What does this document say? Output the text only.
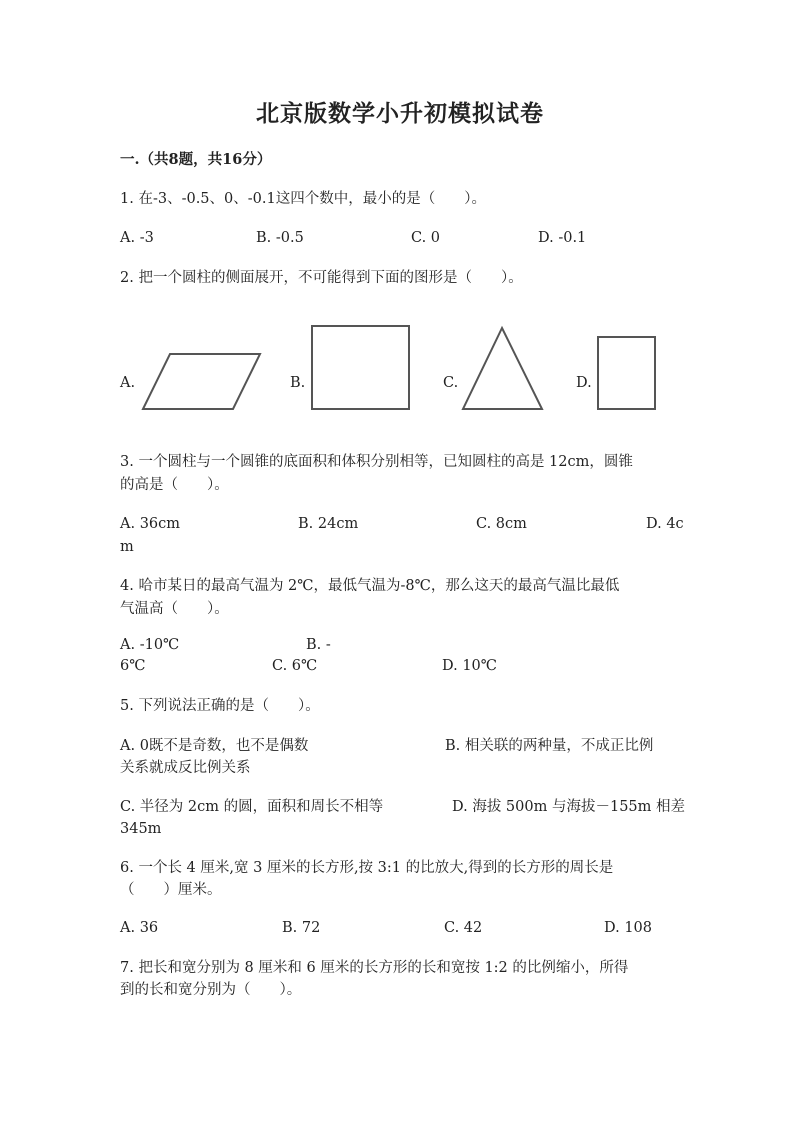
北京版数学小升初模拟试卷
一.（共8题，共16分）
1. 在-3、-0.5、0、-0.1这四个数中，最小的是（　　）。
A. -3	B. -0.5	C. 0	D. -0.1
2. 把一个圆柱的侧面展开，不可能得到下面的图形是（　　）。
A.	B.	C.	D.
3. 一个圆柱与一个圆锥的底面积和体积分别相等，已知圆柱的高是 12cm，圆锥
的高是（　　）。
A. 36cm	B. 24cm	C. 8cm	D. 4c
m
4. 哈市某日的最高气温为 2℃，最低气温为-8℃，那么这天的最高气温比最低
气温高（　　）。
A. -10℃	B. -
6℃	C. 6℃	D. 10℃
5. 下列说法正确的是（　　）。
A. 0既不是奇数，也不是偶数	B. 相关联的两种量，不成正比例
关系就成反比例关系
C. 半径为 2cm 的圆，面积和周长不相等	D. 海拔 500m 与海拔－155m 相差
345m
6. 一个长 4 厘米,宽 3 厘米的长方形,按 3:1 的比放大,得到的长方形的周长是
（　　）厘米。
A. 36	B. 72	C. 42	D. 108
7. 把长和宽分别为 8 厘米和 6 厘米的长方形的长和宽按 1:2 的比例缩小，所得
到的长和宽分别为（　　）。
